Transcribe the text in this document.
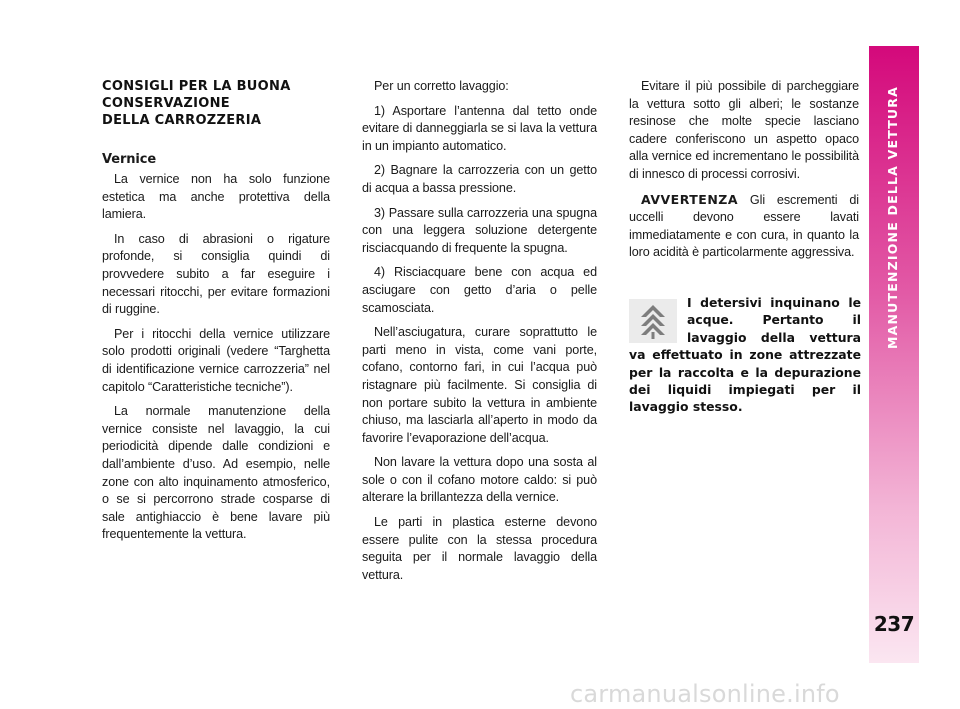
CONSIGLI PER LA BUONA
CONSERVAZIONE
DELLA CARROZZERIA
Vernice

La vernice non ha solo funzione estetica ma anche protettiva della lamiera.

In caso di abrasioni o rigature profonde, si consiglia quindi di provvedere subito a far eseguire i necessari ritocchi, per evitare formazioni di ruggine.

Per i ritocchi della vernice utilizzare solo prodotti originali (vedere “Targhetta di identificazione vernice carrozzeria” nel capitolo “Caratteristiche tecniche”).

La normale manutenzione della vernice consiste nel lavaggio, la cui periodicità dipende dalle condizioni e dall’ambiente d’uso. Ad esempio, nelle zone con alto inquinamento atmosferico, o se si percorrono strade cosparse di sale antighiaccio è bene lavare più frequentemente la vettura.

Per un corretto lavaggio:

1) Asportare l’antenna dal tetto onde evitare di danneggiarla se si lava la vettura in un impianto automatico.

2) Bagnare la carrozzeria con un getto di acqua a bassa pressione.

3) Passare sulla carrozzeria una spugna con una leggera soluzione detergente risciacquando di frequente la spugna.

4) Risciacquare bene con acqua ed asciugare con getto d’aria o pelle scamosciata.

Nell’asciugatura, curare soprattutto le parti meno in vista, come vani porte, cofano, contorno fari, in cui l’acqua può ristagnare più facilmente. Si consiglia di non portare subito la vettura in ambiente chiuso, ma lasciarla all’aperto in modo da favorire l’evaporazione dell’acqua.

Non lavare la vettura dopo una sosta al sole o con il cofano motore caldo: si può alterare la brillantezza della vernice.

Le parti in plastica esterne devono essere pulite con la stessa procedura seguita per il normale lavaggio della vettura.

Evitare il più possibile di parcheggiare la vettura sotto gli alberi; le sostanze resinose che molte specie lasciano cadere conferiscono un aspetto opaco alla vernice ed incrementano le possibilità di innesco di processi corrosivi.

AVVERTENZA Gli escrementi di uccelli devono essere lavati immediatamente e con cura, in quanto la loro acidità è particolarmente aggressiva.

I detersivi inquinano le acque. Pertanto il lavaggio della vettura va effettuato in zone attrezzate per la raccolta e la depurazione dei liquidi impiegati per il lavaggio stesso.

MANUTENZIONE DELLA VETTURA
237
carmanualsonline.info
